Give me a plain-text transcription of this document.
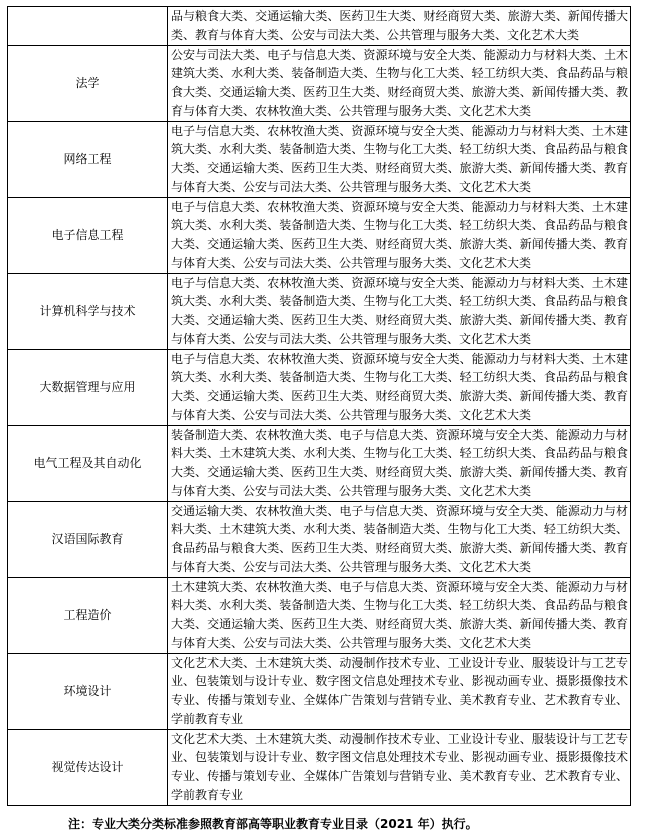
	品与粮食大类、交通运输大类、医药卫生大类、财经商贸大类、旅游大类、新闻传播大类、教育与体育大类、公安与司法大类、公共管理与服务大类、文化艺术大类
法学	公安与司法大类、电子与信息大类、资源环境与安全大类、能源动力与材料大类、土木建筑大类、水利大类、装备制造大类、生物与化工大类、轻工纺织大类、食品药品与粮食大类、交通运输大类、医药卫生大类、财经商贸大类、旅游大类、新闻传播大类、教育与体育大类、农林牧渔大类、公共管理与服务大类、文化艺术大类
网络工程	电子与信息大类、农林牧渔大类、资源环境与安全大类、能源动力与材料大类、土木建筑大类、水利大类、装备制造大类、生物与化工大类、轻工纺织大类、食品药品与粮食大类、交通运输大类、医药卫生大类、财经商贸大类、旅游大类、新闻传播大类、教育与体育大类、公安与司法大类、公共管理与服务大类、文化艺术大类
电子信息工程	电子与信息大类、农林牧渔大类、资源环境与安全大类、能源动力与材料大类、土木建筑大类、水利大类、装备制造大类、生物与化工大类、轻工纺织大类、食品药品与粮食大类、交通运输大类、医药卫生大类、财经商贸大类、旅游大类、新闻传播大类、教育与体育大类、公安与司法大类、公共管理与服务大类、文化艺术大类
计算机科学与技术	电子与信息大类、农林牧渔大类、资源环境与安全大类、能源动力与材料大类、土木建筑大类、水利大类、装备制造大类、生物与化工大类、轻工纺织大类、食品药品与粮食大类、交通运输大类、医药卫生大类、财经商贸大类、旅游大类、新闻传播大类、教育与体育大类、公安与司法大类、公共管理与服务大类、文化艺术大类
大数据管理与应用	电子与信息大类、农林牧渔大类、资源环境与安全大类、能源动力与材料大类、土木建筑大类、水利大类、装备制造大类、生物与化工大类、轻工纺织大类、食品药品与粮食大类、交通运输大类、医药卫生大类、财经商贸大类、旅游大类、新闻传播大类、教育与体育大类、公安与司法大类、公共管理与服务大类、文化艺术大类
电气工程及其自动化	装备制造大类、农林牧渔大类、电子与信息大类、资源环境与安全大类、能源动力与材料大类、土木建筑大类、水利大类、生物与化工大类、轻工纺织大类、食品药品与粮食大类、交通运输大类、医药卫生大类、财经商贸大类、旅游大类、新闻传播大类、教育与体育大类、公安与司法大类、公共管理与服务大类、文化艺术大类
汉语国际教育	交通运输大类、农林牧渔大类、电子与信息大类、资源环境与安全大类、能源动力与材料大类、土木建筑大类、水利大类、装备制造大类、生物与化工大类、轻工纺织大类、食品药品与粮食大类、医药卫生大类、财经商贸大类、旅游大类、新闻传播大类、教育与体育大类、公安与司法大类、公共管理与服务大类、文化艺术大类
工程造价	土木建筑大类、农林牧渔大类、电子与信息大类、资源环境与安全大类、能源动力与材料大类、水利大类、装备制造大类、生物与化工大类、轻工纺织大类、食品药品与粮食大类、交通运输大类、医药卫生大类、财经商贸大类、旅游大类、新闻传播大类、教育与体育大类、公安与司法大类、公共管理与服务大类、文化艺术大类
环境设计	文化艺术大类、土木建筑大类、动漫制作技术专业、工业设计专业、服装设计与工艺专业、包装策划与设计专业、数字图文信息处理技术专业、影视动画专业、摄影摄像技术专业、传播与策划专业、全媒体广告策划与营销专业、美术教育专业、艺术教育专业、学前教育专业
视觉传达设计	文化艺术大类、土木建筑大类、动漫制作技术专业、工业设计专业、服装设计与工艺专业、包装策划与设计专业、数字图文信息处理技术专业、影视动画专业、摄影摄像技术专业、传播与策划专业、全媒体广告策划与营销专业、美术教育专业、艺术教育专业、学前教育专业
注：专业大类分类标准参照教育部高等职业教育专业目录（2021 年）执行。
